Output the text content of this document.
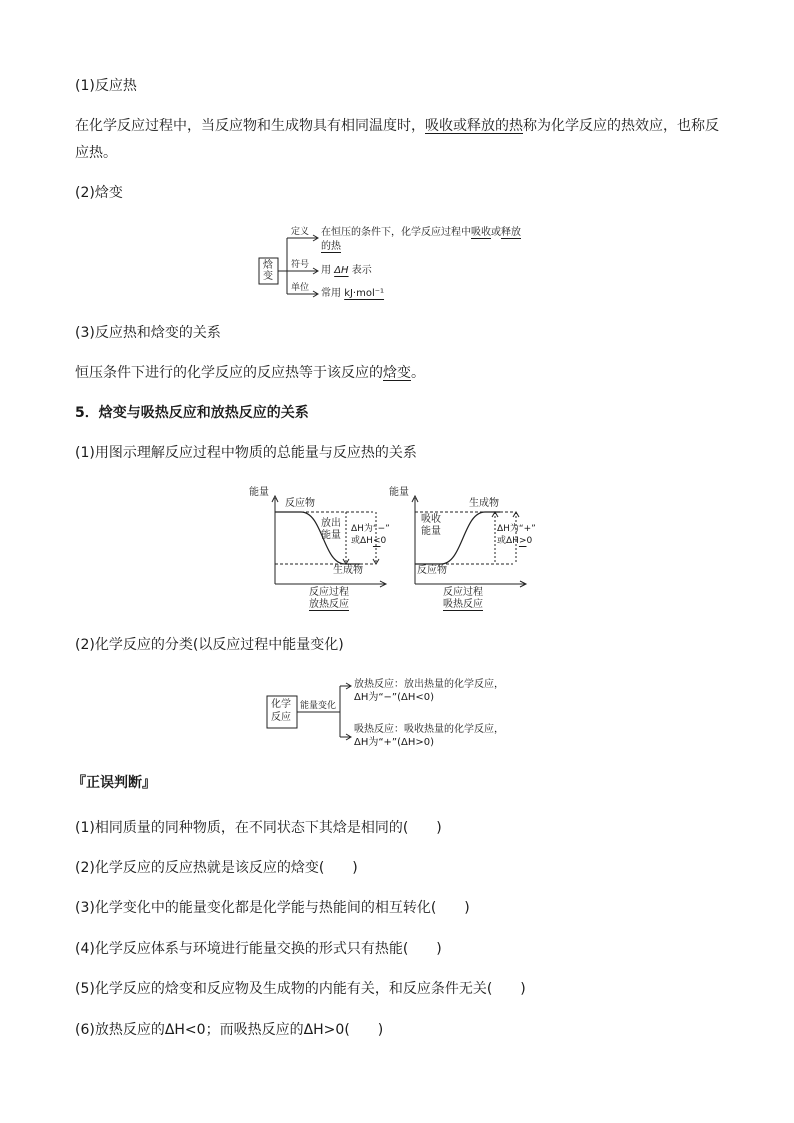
(1)反应热
在化学反应过程中，当反应物和生成物具有相同温度时，吸收或释放的热称为化学反应的热效应，也称反
应热。
(2)焓变
焓
变
定义
符号
单位
在恒压的条件下，化学反应过程中吸收或释放
的热
用 ΔH 表示
常用 kJ·mol⁻¹
(3)反应热和焓变的关系
恒压条件下进行的化学反应的反应热等于该反应的焓变。
5．焓变与吸热反应和放热反应的关系
(1)用图示理解反应过程中物质的总能量与反应热的关系
能量
反应物
放出
能量
ΔH为“−”
或ΔH<0
生成物
反应过程
放热反应
能量
生成物
吸收
能量	ΔH为“+”
或ΔH>0
反应物
反应过程
吸热反应
(2)化学反应的分类(以反应过程中能量变化)
化学
反应
能量变化
放热反应：放出热量的化学反应，
ΔH为“−”(ΔH<0)
吸热反应：吸收热量的化学反应，
ΔH为“+”(ΔH>0)
『正误判断』
(1)相同质量的同种物质，在不同状态下其焓是相同的(　　)
(2)化学反应的反应热就是该反应的焓变(　　)
(3)化学变化中的能量变化都是化学能与热能间的相互转化(　　)
(4)化学反应体系与环境进行能量交换的形式只有热能(　　)
(5)化学反应的焓变和反应物及生成物的内能有关，和反应条件无关(　　)
(6)放热反应的ΔH<0；而吸热反应的ΔH>0(　　)
